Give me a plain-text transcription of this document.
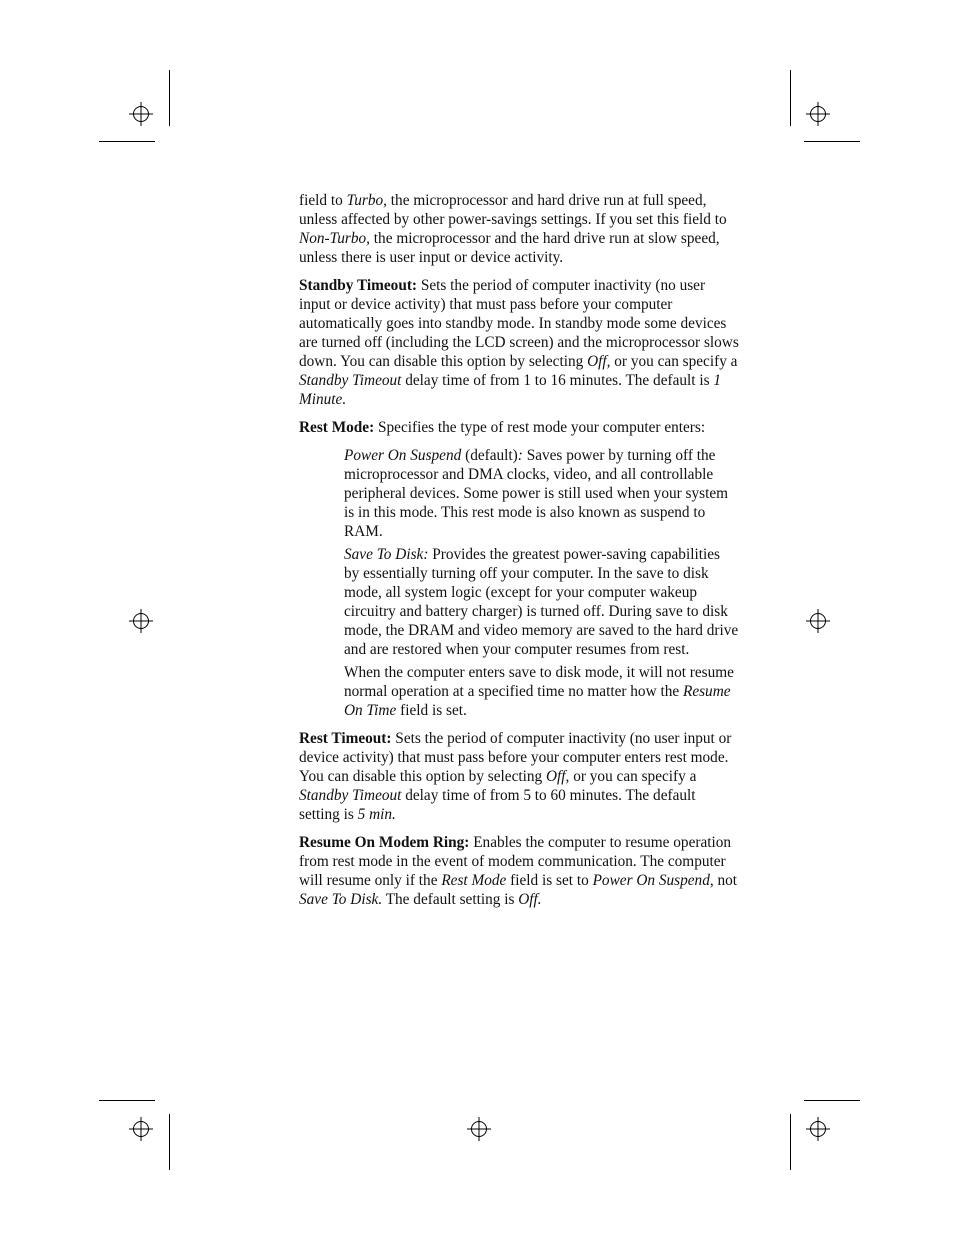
field to Turbo, the microprocessor and hard drive run at full speed, unless affected by other power-savings settings. If you set this field to Non-Turbo, the microprocessor and the hard drive run at slow speed, unless there is user input or device activity.

Standby Timeout: Sets the period of computer inactivity (no user input or device activity) that must pass before your computer automatically goes into standby mode. In standby mode some devices are turned off (including the LCD screen) and the microprocessor slows down. You can disable this option by selecting Off, or you can specify a Standby Timeout delay time of from 1 to 16 minutes. The default is 1 Minute.

Rest Mode: Specifies the type of rest mode your computer enters:

Power On Suspend (default): Saves power by turning off the microprocessor and DMA clocks, video, and all controllable peripheral devices. Some power is still used when your system is in this mode. This rest mode is also known as suspend to RAM.

Save To Disk: Provides the greatest power-saving capabilities by essentially turning off your computer. In the save to disk mode, all system logic (except for your computer wakeup circuitry and battery charger) is turned off. During save to disk mode, the DRAM and video memory are saved to the hard drive and are restored when your computer resumes from rest.

When the computer enters save to disk mode, it will not resume normal operation at a specified time no matter how the Resume On Time field is set.

Rest Timeout: Sets the period of computer inactivity (no user input or device activity) that must pass before your computer enters rest mode. You can disable this option by selecting Off, or you can specify a Standby Timeout delay time of from 5 to 60 minutes. The default setting is 5 min.

Resume On Modem Ring: Enables the computer to resume operation from rest mode in the event of modem communication. The computer will resume only if the Rest Mode field is set to Power On Suspend, not Save To Disk. The default setting is Off.
